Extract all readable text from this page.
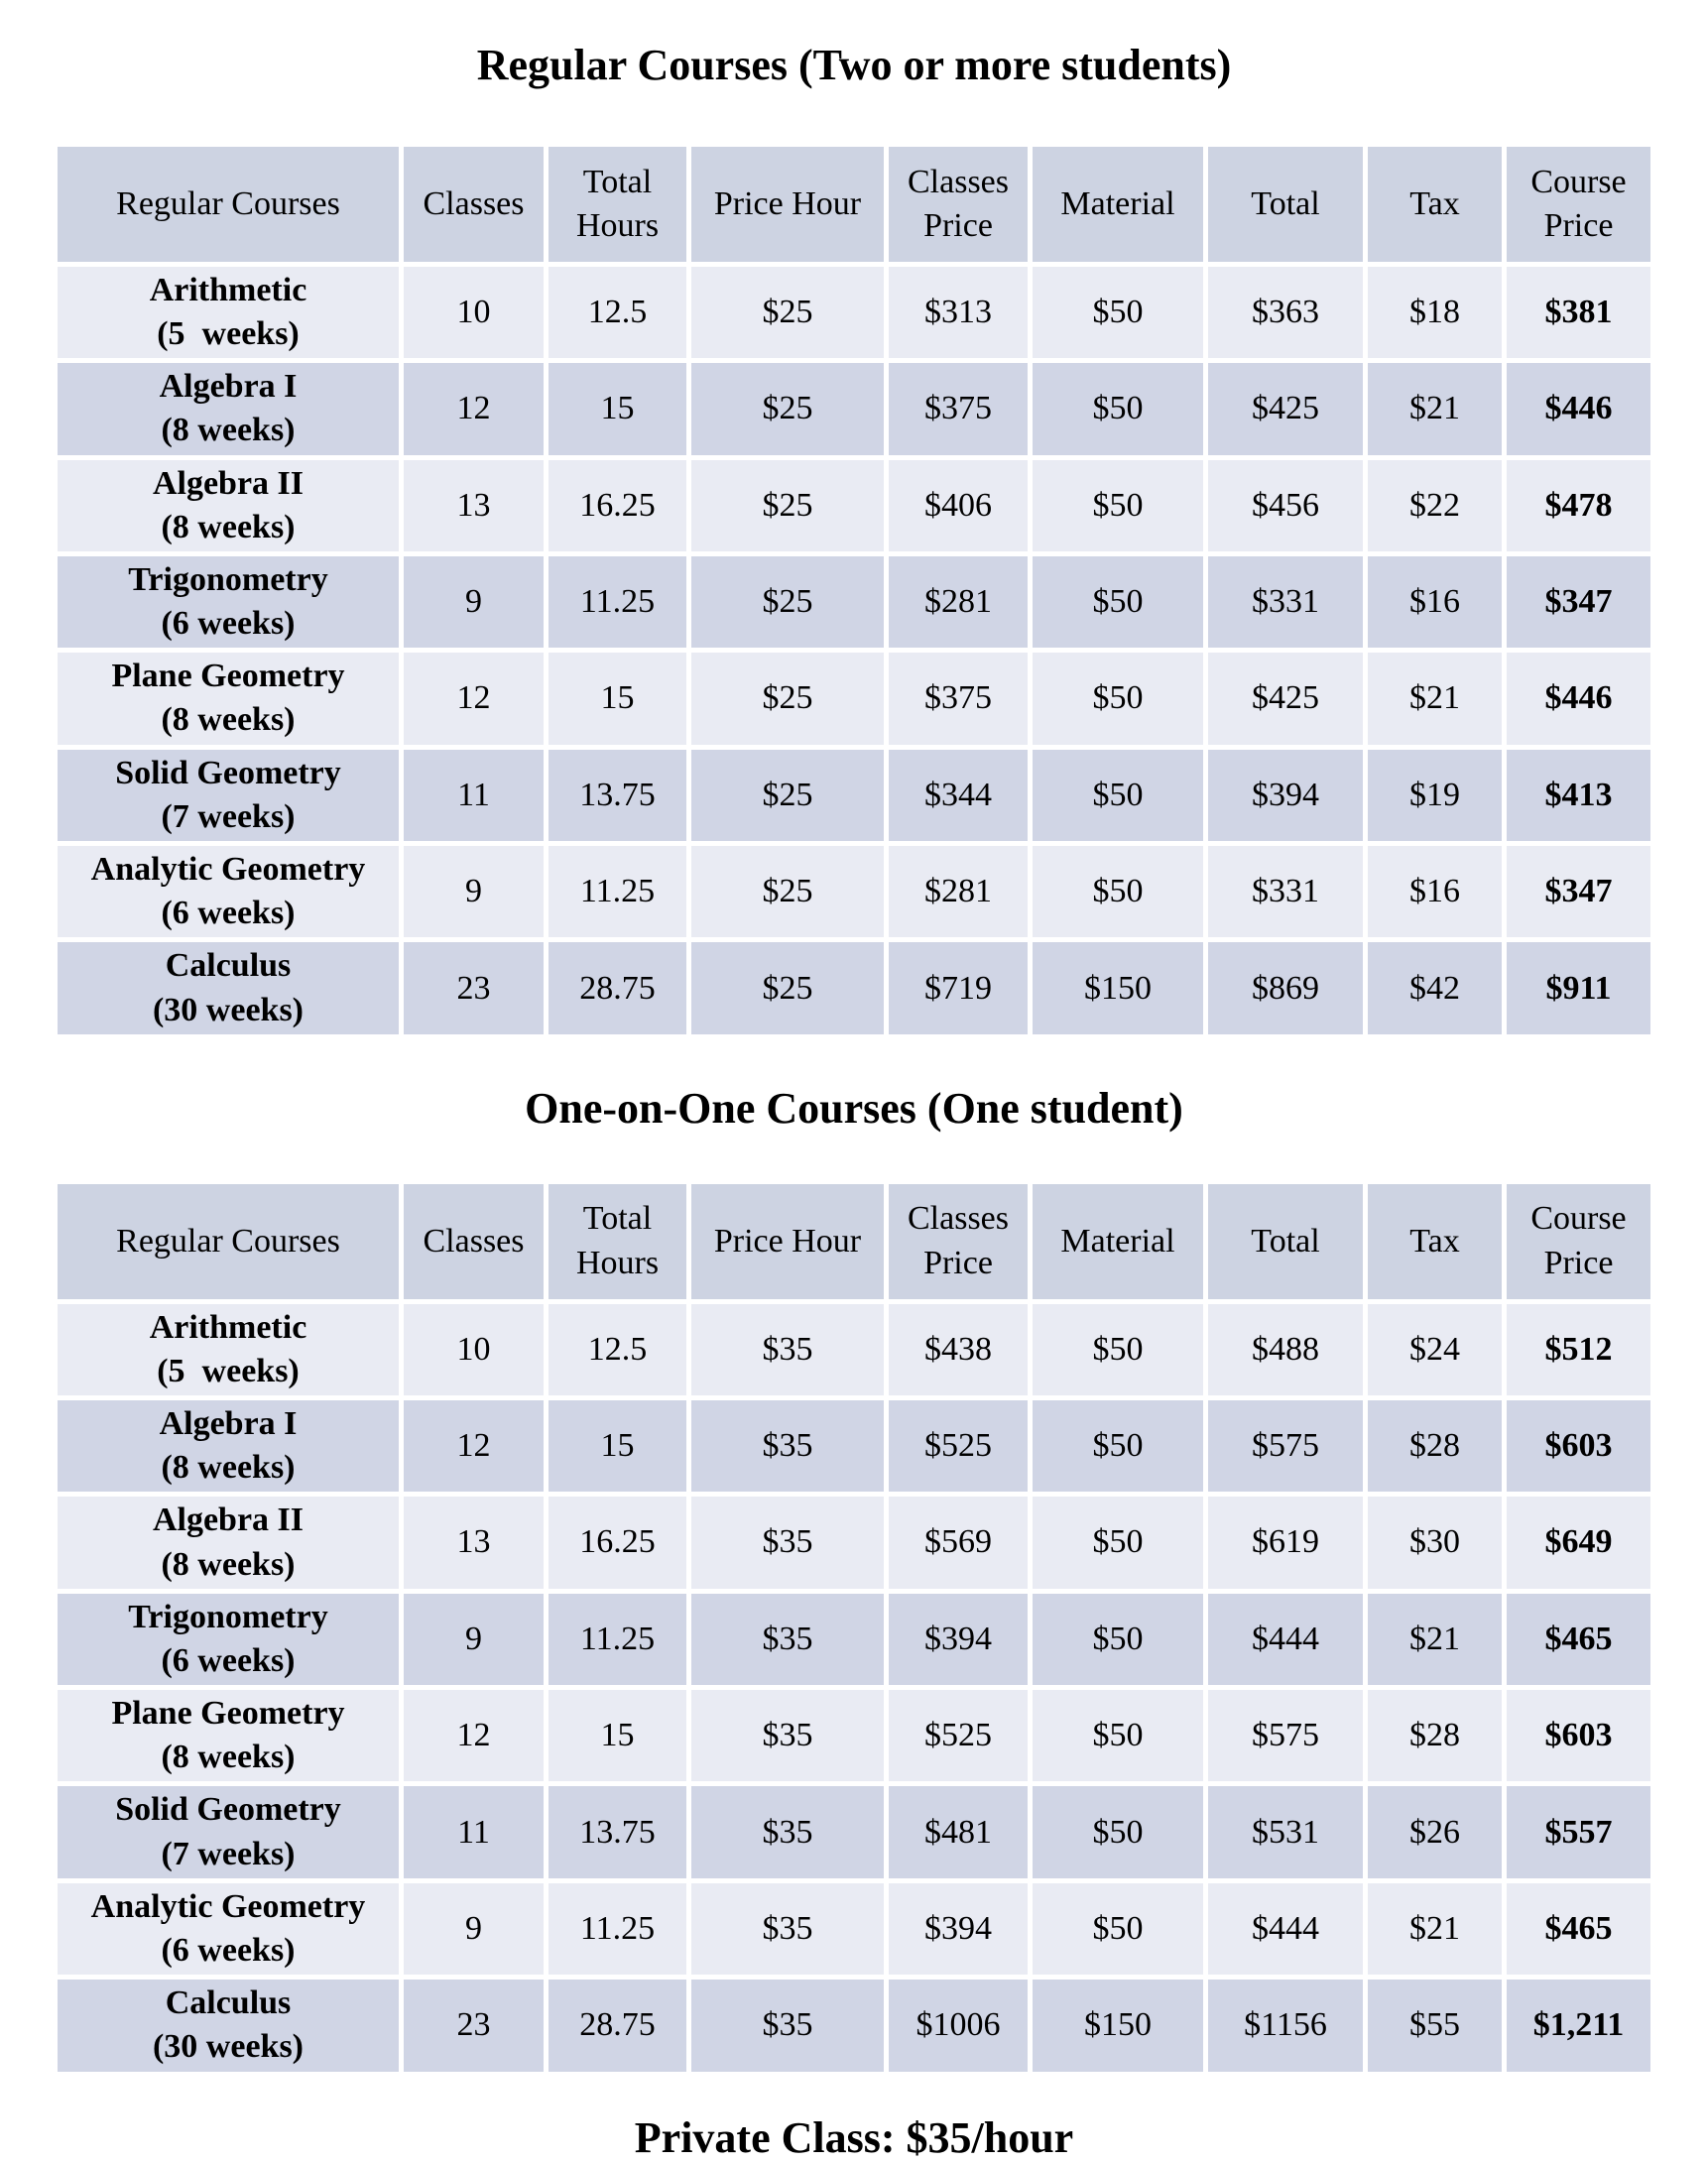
Regular Courses (Two or more students)
Regular Courses	Classes	Total Hours	Price Hour	Classes Price	Material	Total	Tax	Course Price

Arithmetic
(5  weeks)	10	12.5	$25	$313	$50	$363	$18	$381

Algebra I
(8 weeks)	12	15	$25	$375	$50	$425	$21	$446

Algebra II
(8 weeks)	13	16.25	$25	$406	$50	$456	$22	$478

Trigonometry
(6 weeks)	9	11.25	$25	$281	$50	$331	$16	$347

Plane Geometry
(8 weeks)	12	15	$25	$375	$50	$425	$21	$446

Solid Geometry
(7 weeks)	11	13.75	$25	$344	$50	$394	$19	$413

Analytic Geometry
(6 weeks)	9	11.25	$25	$281	$50	$331	$16	$347

Calculus
(30 weeks)	23	28.75	$25	$719	$150	$869	$42	$911
One-on-One Courses (One student)
Regular Courses	Classes	Total Hours	Price Hour	Classes Price	Material	Total	Tax	Course Price

Arithmetic
(5  weeks)	10	12.5	$35	$438	$50	$488	$24	$512

Algebra I
(8 weeks)	12	15	$35	$525	$50	$575	$28	$603

Algebra II
(8 weeks)	13	16.25	$35	$569	$50	$619	$30	$649

Trigonometry
(6 weeks)	9	11.25	$35	$394	$50	$444	$21	$465

Plane Geometry
(8 weeks)	12	15	$35	$525	$50	$575	$28	$603

Solid Geometry
(7 weeks)	11	13.75	$35	$481	$50	$531	$26	$557

Analytic Geometry
(6 weeks)	9	11.25	$35	$394	$50	$444	$21	$465

Calculus
(30 weeks)	23	28.75	$35	$1006	$150	$1156	$55	$1,211
Private Class: $35/hour
